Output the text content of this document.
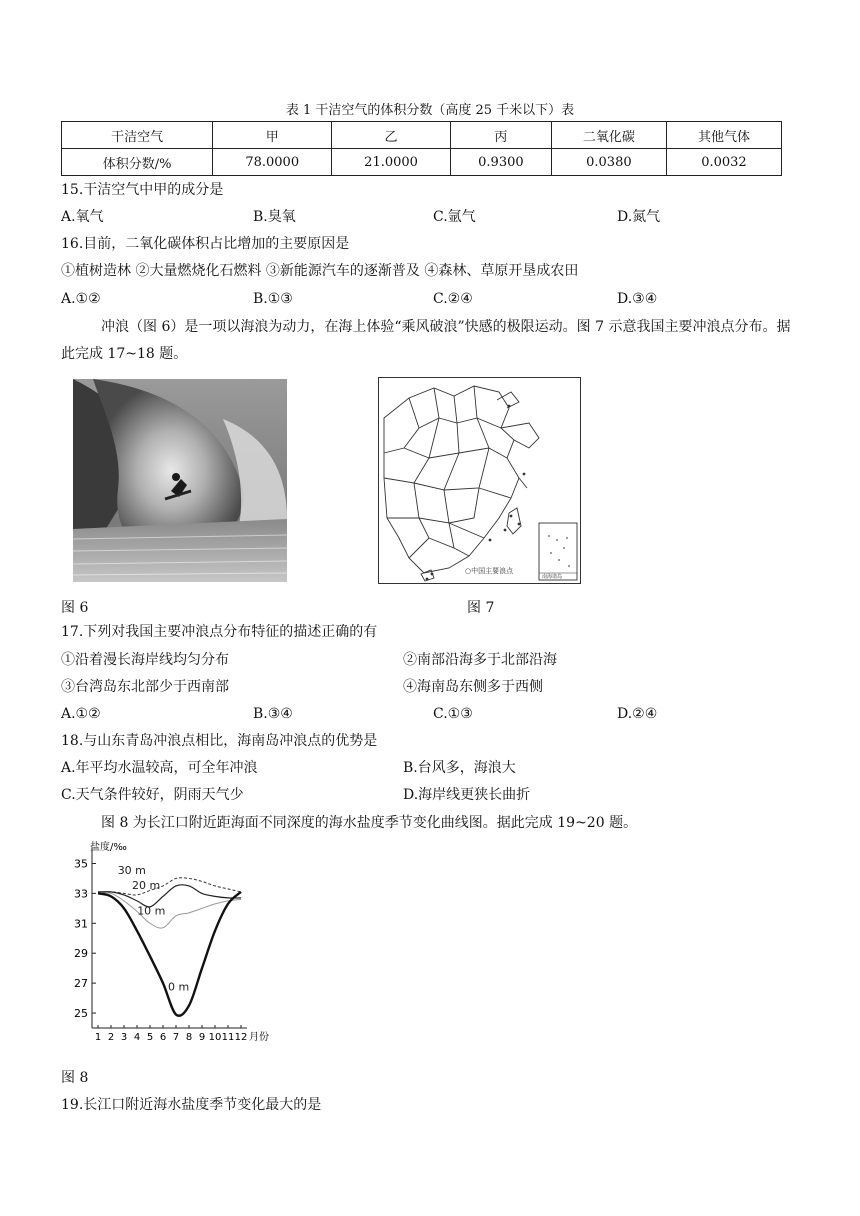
表 1 干洁空气的体积分数（高度 25 千米以下）表
干洁空气	甲	乙	丙	二氧化碳	其他气体
体积分数/%	78.0000	21.0000	0.9300	0.0380	0.0032
15.干洁空气中甲的成分是
A.氧气	B.臭氧	C.氩气	D.氮气
16.目前，二氧化碳体积占比增加的主要原因是
①植树造林 ②大量燃烧化石燃料 ③新能源汽车的逐渐普及 ④森林、草原开垦成农田
A.①②	B.①③	C.②④	D.③④
冲浪（图 6）是一项以海浪为动力，在海上体验“乘风破浪”快感的极限运动。图 7 示意我国主要冲浪点分布。据此完成 17~18 题。
○中国主要浪点
南海诸岛
图 6	图 7
17.下列对我国主要冲浪点分布特征的描述正确的有
①沿着漫长海岸线均匀分布	②南部沿海多于北部沿海
③台湾岛东北部少于西南部	④海南岛东侧多于西侧
A.①②	B.③④	C.①③	D.②④
18.与山东青岛冲浪点相比，海南岛冲浪点的优势是
A.年平均水温较高，可全年冲浪	B.台风多，海浪大
C.天气条件较好，阴雨天气少	D.海岸线更狭长曲折
图 8 为长江口附近距海面不同深度的海水盐度季节变化曲线图。据此完成 19~20 题。
盐度/‰
25
27
29
31
33
35
1 2 3 4 5 6 7 8 9 10 11 12 月份
30 m
20 m
10 m
0 m
图 8
19.长江口附近海水盐度季节变化最大的是
